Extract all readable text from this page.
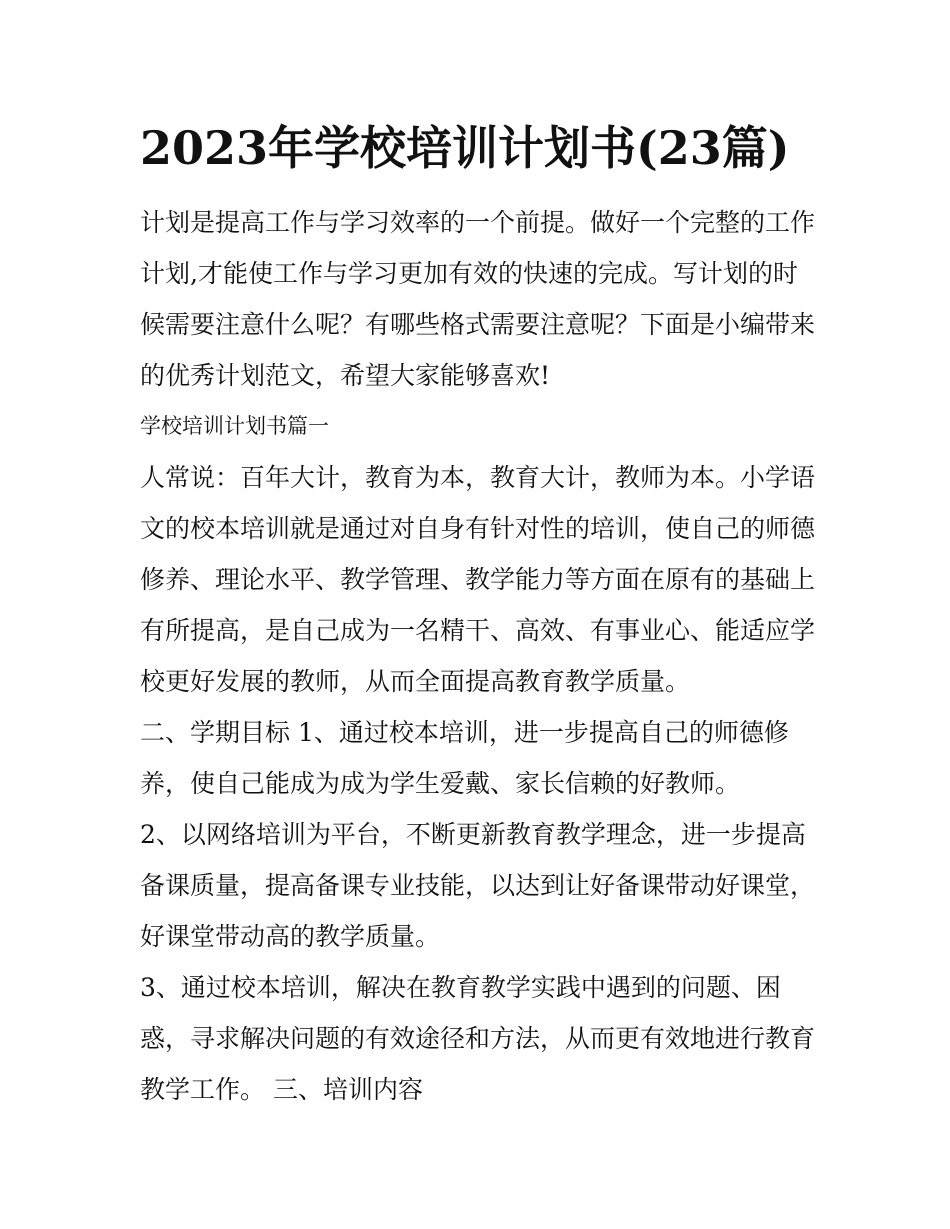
2023年学校培训计划书(23篇)

计划是提高工作与学习效率的一个前提。做好一个完整的工作计划,才能使工作与学习更加有效的快速的完成。写计划的时候需要注意什么呢？有哪些格式需要注意呢？下面是小编带来的优秀计划范文，希望大家能够喜欢!

学校培训计划书篇一

人常说：百年大计，教育为本，教育大计，教师为本。小学语文的校本培训就是通过对自身有针对性的培训，使自己的师德修养、理论水平、教学管理、教学能力等方面在原有的基础上有所提高，是自己成为一名精干、高效、有事业心、能适应学校更好发展的教师，从而全面提高教育教学质量。

二、学期目标 1、通过校本培训，进一步提高自己的师德修养，使自己能成为成为学生爱戴、家长信赖的好教师。

2、以网络培训为平台，不断更新教育教学理念，进一步提高备课质量，提高备课专业技能，以达到让好备课带动好课堂，好课堂带动高的教学质量。

3、通过校本培训，解决在教育教学实践中遇到的问题、困惑，寻求解决问题的有效途径和方法，从而更有效地进行教育教学工作。 三、培训内容
